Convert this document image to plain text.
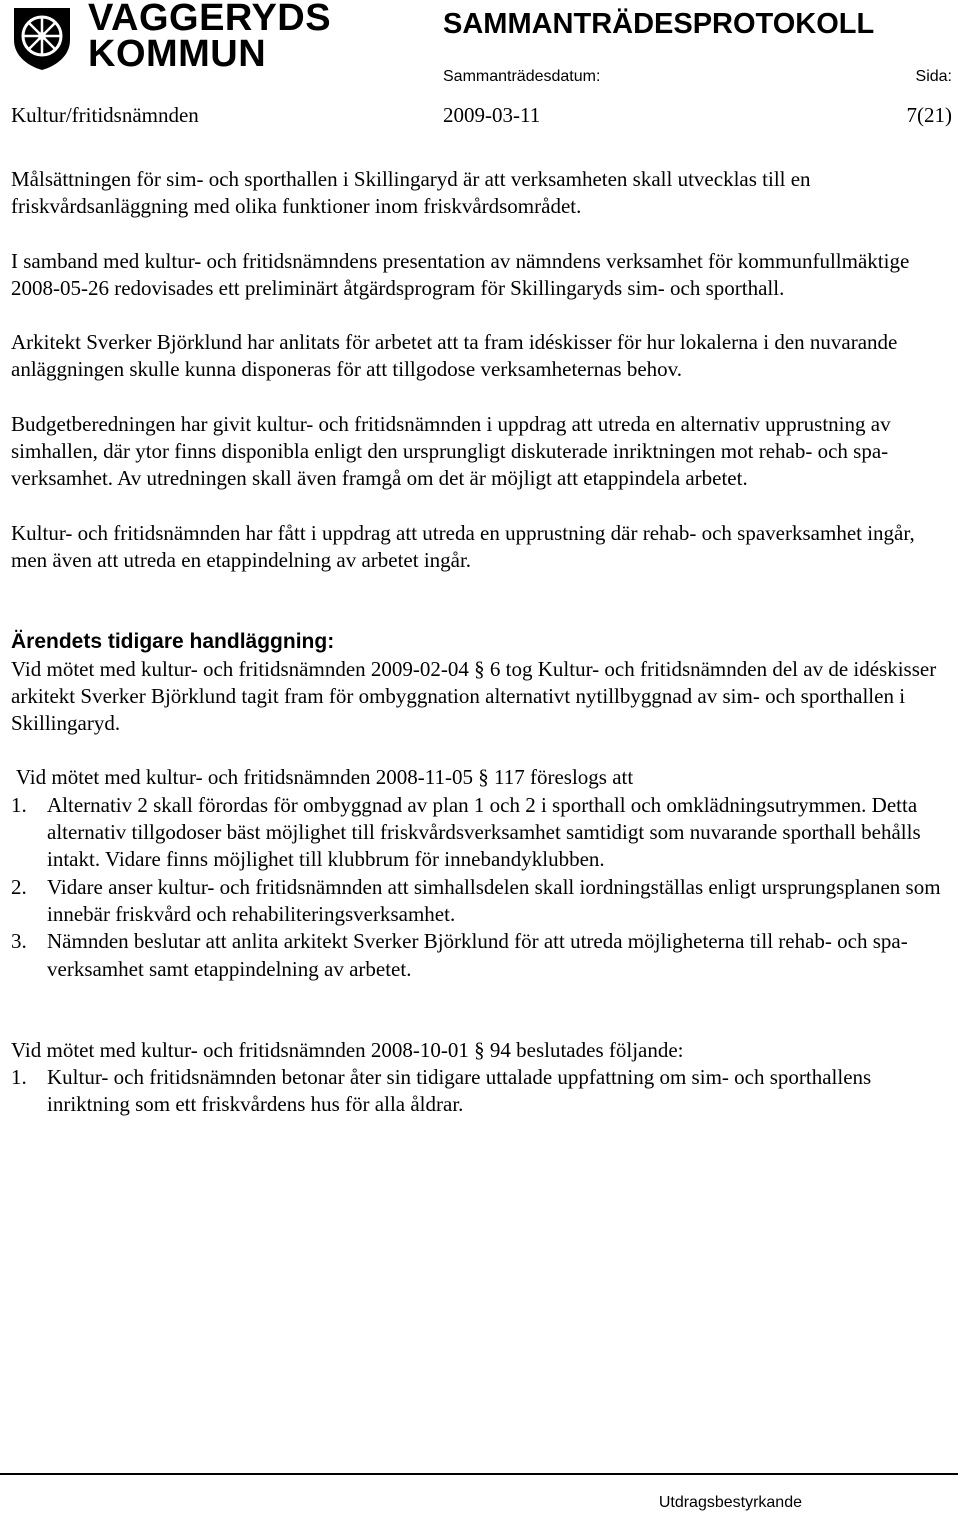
VAGGERYDS
KOMMUN
SAMMANTRÄDESPROTOKOLL
Sammanträdesdatum:	Sida:
Kultur/fritidsnämnden	2009-03-11	7(21)

Målsättningen för sim- och sporthallen i Skillingaryd är att verksamheten skall utvecklas till en friskvårdsanläggning med olika funktioner inom friskvårdsområdet.

I samband med kultur- och fritidsnämndens presentation av nämndens verksamhet för kommunfullmäktige 2008-05-26 redovisades ett preliminärt åtgärdsprogram för Skillingaryds sim- och sporthall.

Arkitekt Sverker Björklund har anlitats för arbetet att ta fram idéskisser för hur lokalerna i den nuvarande anläggningen skulle kunna disponeras för att tillgodose verksamheternas behov.

Budgetberedningen har givit kultur- och fritidsnämnden i uppdrag att utreda en alternativ upprustning av simhallen, där ytor finns disponibla enligt den ursprungligt diskuterade inriktningen mot rehab- och spa- verksamhet. Av utredningen skall även framgå om det är möjligt att etappindela arbetet.

Kultur- och fritidsnämnden har fått i uppdrag att utreda en upprustning där rehab- och spaverksamhet ingår, men även att utreda en etappindelning av arbetet ingår.

Ärendets tidigare handläggning:

Vid mötet med kultur- och fritidsnämnden 2009-02-04 § 6 tog Kultur- och fritidsnämnden del av de idéskisser arkitekt Sverker Björklund tagit fram för ombyggnation alternativt nytillbyggnad av sim- och sporthallen i Skillingaryd.

Vid mötet med kultur- och fritidsnämnden 2008-11-05 § 117 föreslogs att

1. Alternativ 2 skall förordas för ombyggnad av plan 1 och 2 i sporthall och omklädningsutrymmen. Detta alternativ tillgodoser bäst möjlighet till friskvårdsverksamhet samtidigt som nuvarande sporthall behålls intakt. Vidare finns möjlighet till klubbrum för innebandyklubben.
2. Vidare anser kultur- och fritidsnämnden att simhallsdelen skall iordningställas enligt ursprungsplanen som innebär friskvård och rehabiliteringsverksamhet.
3. Nämnden beslutar att anlita arkitekt Sverker Björklund för att utreda möjligheterna till rehab- och spa- verksamhet samt etappindelning av arbetet.

Vid mötet med kultur- och fritidsnämnden 2008-10-01 § 94 beslutades följande:

1. Kultur- och fritidsnämnden betonar åter sin tidigare uttalade uppfattning om sim- och sporthallens inriktning som ett friskvårdens hus för alla åldrar.
Utdragsbestyrkande
